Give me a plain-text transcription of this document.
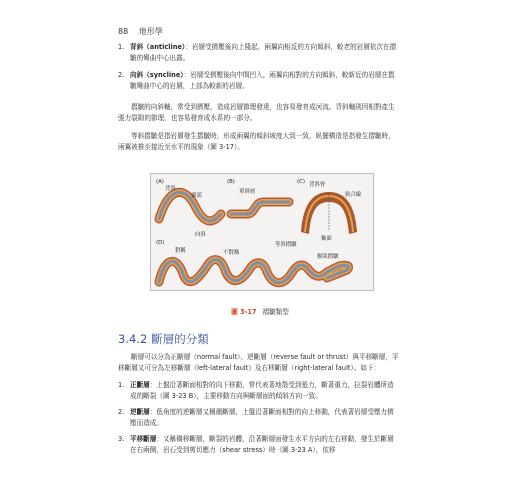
88 地形學
1. 背斜（anticline）：岩層受擠壓後向上隆起，兩翼向相反的方向傾斜，較老的岩層依次在摺皺的彎曲中心出露。
2. 向斜（syncline）：岩層受擠壓後向中間凹入，兩翼向相對的方向傾斜，較新近的岩層在摺皺彎曲中心的岩層，上部為較新的岩層。
摺皺的向斜軸，常受到擠壓，造成岩層節理發達，也容易發育成河流。背斜軸則因相對產生張力裂隙的節理，也容易發育成水系的一部分。
等斜摺皺是指岩層發生摺皺時，形成兩翼的傾斜坡度大致一致，臥擺構造是指發生摺皺時，兩翼被推至接近至水平的現象（圖 3-17）。
(A)	(B)	(C)
(D)
背斜
翼部
向斜
單斜層
背斜脊
鉸合線
軸面
對稱	不對稱
等斜摺皺
偃臥摺皺
圖 3-17 褶皺類型
3.4.2 斷層的分類
斷層可以分為正斷層（normal fault）、逆斷層（reverse fault or thrust）與平移斷層，平移斷層又可分為左移斷層（left-lateral fault）及右移斷層（right-lateral fault）。如下：
1. 正斷層：上盤沿著斷面相對的向下移動，常代表著地殼受到張力，斷著重力，拉裂岩體所造成的斷裂（圖 3-23 B），主要移動方向與斷層面的傾斜方向一致。
2. 逆斷層：低角度的逆斷層又稱衝斷層，上盤沿著斷面相對的向上移動，代表著岩層受壓力擠壓而造成。
3. 平移斷層：又稱橫移斷層，斷裂的岩體，沿著斷層面發生水平方向的左右移動，發生於斷層在右兩側，岩石受到剪切應力（shear stress）時（圖 3-23 A），依移
